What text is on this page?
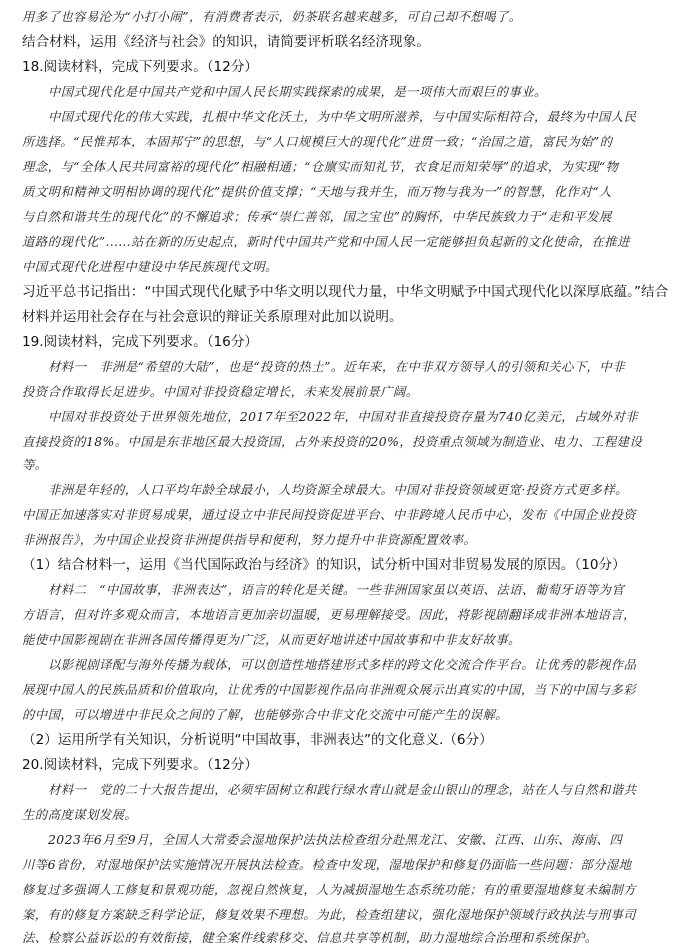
用多了也容易沦为“小打小闹”，有消费者表示，奶茶联名越来越多，可自己却不想喝了。
结合材料，运用《经济与社会》的知识，请简要评析联名经济现象。
18.阅读材料，完成下列要求。（12分）
中国式现代化是中国共产党和中国人民长期实践探索的成果，是一项伟大而艰巨的事业。
中国式现代化的伟大实践，扎根中华文化沃土，为中华文明所滋养，与中国实际相符合，最终为中国人民
所选择。“民惟邦本，本固邦宁”的思想，与“人口规模巨大的现代化”进贯一致；“治国之道，富民为始”的
理念，与“全体人民共同富裕的现代化”相融相通；“仓廪实而知礼节，衣食足而知荣辱”的追求，为实现“物
质文明和精神文明相协调的现代化”提供价值支撑；“天地与我并生，而万物与我为一”的智慧，化作对“人
与自然和谐共生的现代化”的不懈追求；传承“崇仁善邻，国之宝也”的胸怀，中华民族致力于“走和平发展
道路的现代化”……站在新的历史起点，新时代中国共产党和中国人民一定能够担负起新的文化使命，在推进
中国式现代化进程中建设中华民族现代文明。
习近平总书记指出：“中国式现代化赋予中华文明以现代力量，中华文明赋予中国式现代化以深厚底蕴。”结合
材料并运用社会存在与社会意识的辩证关系原理对此加以说明。
19.阅读材料，完成下列要求。（16分）
材料一　非洲是“希望的大陆”，也是“投资的热土”。近年来，在中非双方领导人的引领和关心下，中非
投资合作取得长足进步。中国对非投资稳定增长，未来发展前景广阔。
中国对非投资处于世界领先地位，2017年至2022年，中国对非直接投资存量为740亿美元，占域外对非
直接投资的18%。中国是东非地区最大投资国，占外来投资的20%，投资重点领域为制造业、电力、工程建设
等。
非洲是年轻的，人口平均年龄全球最小，人均资源全球最大。中国对非投资领域更宽·投资方式更多样。
中国正加速落实对非贸易成果，通过设立中非民间投资促进平台、中非跨境人民币中心，发布《中国企业投资
非洲报告》，为中国企业投资非洲提供指导和便利，努力提升中非资源配置效率。
（1）结合材料一，运用《当代国际政治与经济》的知识，试分析中国对非贸易发展的原因。（10分）
材料二　“中国故事，非洲表达”，语言的转化是关键。一些非洲国家虽以英语、法语、葡萄牙语等为官
方语言，但对许多观众而言，本地语言更加亲切温暖，更易理解接受。因此，将影视剧翻译成非洲本地语言，
能使中国影视剧在非洲各国传播得更为广泛，从而更好地讲述中国故事和中非友好故事。
以影视剧译配与海外传播为载体，可以创造性地搭建形式多样的跨文化交流合作平台。让优秀的影视作品
展现中国人的民族品质和价值取向，让优秀的中国影视作品向非洲观众展示出真实的中国，当下的中国与多彩
的中国，可以增进中非民众之间的了解，也能够弥合中非文化交流中可能产生的误解。
（2）运用所学有关知识，分析说明“中国故事，非洲表达”的文化意义.（6分）
20.阅读材料，完成下列要求。（12分）
材料一　党的二十大报告提出，必须牢固树立和践行绿水青山就是金山银山的理念，站在人与自然和谐共
生的高度谋划发展。
2023年6月至9月，全国人大常委会湿地保护法执法检查组分赴黑龙江、安徽、江西、山东、海南、四
川等6省份，对湿地保护法实施情况开展执法检查。检查中发现，湿地保护和修复仍面临一些问题：部分湿地
修复过多强调人工修复和景观功能，忽视自然恢复，人为减损湿地生态系统功能；有的重要湿地修复未编制方
案，有的修复方案缺乏科学论证，修复效果不理想。为此，检查组建议，强化湿地保护领域行政执法与刑事司
法、检察公益诉讼的有效衔接，健全案件线索移交、信息共享等机制，助力湿地综合治理和系统保护。
